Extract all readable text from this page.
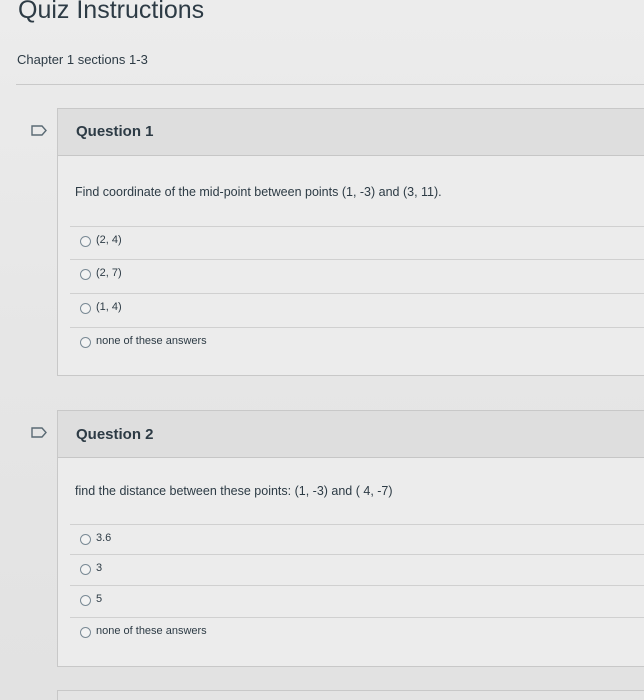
Quiz Instructions
Chapter 1 sections 1-3
Question 1
Find coordinate of the mid-point between points (1, -3) and (3, 11).
(2, 4)
(2, 7)
(1, 4)
none of these answers
Question 2
find the distance between these points: (1, -3) and ( 4, -7)
3.6
3
5
none of these answers
